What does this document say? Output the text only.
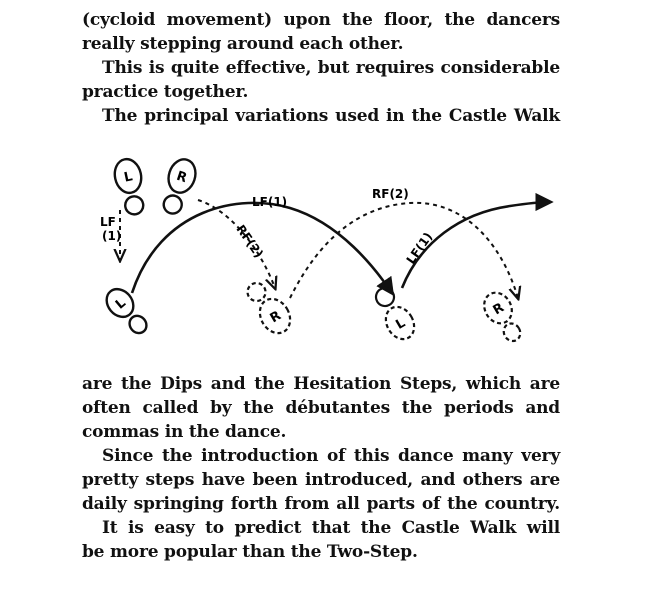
(cycloid movement) upon the floor, the dancers
really stepping around each other.
This is quite effective, but requires considerable
practice together.
The principal variations used in the Castle Walk
L	R
LF
(1)
L
LF(1)
RF(2)
R
RF(2)
L
LF(1)
R
are the Dips and the Hesitation Steps, which are
often called by the débutantes the periods and
commas in the dance.
Since the introduction of this dance many very
pretty steps have been introduced, and others are
daily springing forth from all parts of the country.
It is easy to predict that the Castle Walk will
be more popular than the Two-Step.
